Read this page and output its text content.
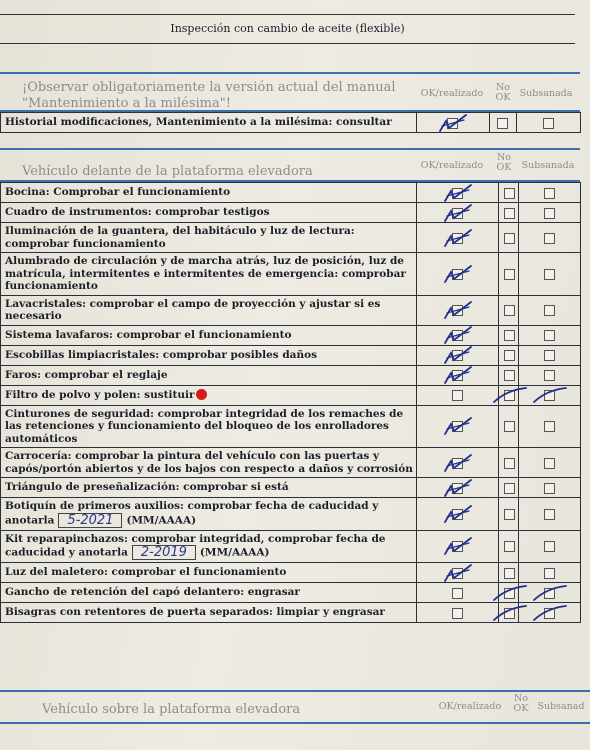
Inspección con cambio de aceite (flexible)
¡Observar obligatoriamente la versión actual del manual "Mantenimiento a la milésima"!
OK/realizado
No OK Subsanada
Historial modificaciones, Mantenimiento a la milésima: consultar	

Vehículo delante de la plataforma elevadora	OK/realizado
No OK	Subsanada
Bocina: Comprobar el funcionamiento	

Cuadro de instrumentos: comprobar testigos	

Iluminación de la guantera, del habitáculo y luz de lectura: comprobar funcionamiento	

Alumbrado de circulación y de marcha atrás, luz de posición, luz de matrícula, intermitentes e intermitentes de emergencia: comprobar funcionamiento	

Lavacristales: comprobar el campo de proyección y ajustar si es necesario	

Sistema lavafaros: comprobar el funcionamiento	

Escobillas limpiacristales: comprobar posibles daños	

Faros: comprobar el reglaje	

Filtro de polvo y polen: sustituir	

Cinturones de seguridad: comprobar integridad de los remaches de las retenciones y funcionamiento del bloqueo de los enrolladores automáticos	

Carrocería: comprobar la pintura del vehículo con las puertas y capós/portón abiertos y de los bajos con respecto a daños y corrosión	

Triángulo de preseñalización: comprobar si está	

Botiquín de primeros auxilios: comprobar fecha de caducidad y anotarla 5-2021 (MM/AAAA)	

Kit reparapinchazos: comprobar integridad, comprobar fecha de caducidad y anotarla 2-2019 (MM/AAAA)	

Luz del maletero: comprobar el funcionamiento	

Gancho de retención del capó delantero: engrasar	

Bisagras con retentores de puerta separados: limpiar y engrasar	

Vehículo sobre la plataforma elevadora	OK/realizado
No OK Subsanad
